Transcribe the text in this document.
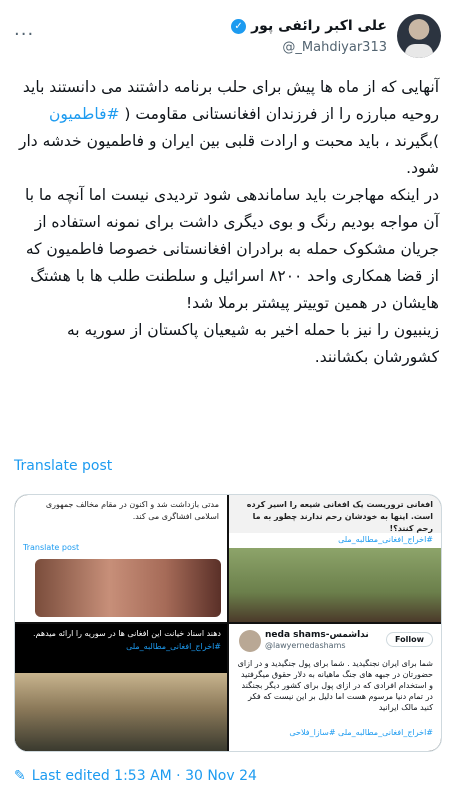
علی اکبر رائفی پور
✓
@_Mahdiyar313
···

آنهایی که از ماه ها پیش برای حلب برنامه داشتند می دانستند باید روحیه مبارزه را از فرزندان افغانستانی مقاومت ( #فاطمیون )بگیرند ، باید محبت و ارادت قلبی بین ایران و فاطمیون خدشه دار شود.

در اینکه مهاجرت باید ساماندهی شود تردیدی نیست اما آنچه ما با آن مواجه بودیم رنگ و بوی دیگری داشت برای نمونه استفاده از جریان مشکوک حمله به برادران افغانستانی خصوصا فاطمیون که از قضا همکاری واحد ۸۲۰۰ اسرائیل و سلطنت طلب ها با هشتگ هایشان در همین توییتر پیشتر برملا شد!

زینبیون را نیز با حمله اخیر به شیعیان پاکستان از سوریه به کشورشان بکشانند.

Translate post
مدتی بازداشت شد و اکنون در مقام مخالف جمهوری اسلامی افشاگری می کند.
Translate post
افغانی تروریست یک افغانی شیعه را اسیر کرده است. اینها به خودشان رحم ندارند چطور به ما رحم کنند؟!
#اخراج_افغانی_مطالبه_ملی
دهند اسناد خیانت این افغانی ها در سوریه را ارائه میدهم.
#اخراج_افغانی_مطالبه_ملی
neda shams-نداشمس
@lawyernedashams
Follow
شما برای ایران نجنگیدید . شما برای پول جنگیدید و در ازای حضورتان در جبهه های جنگ ماهیانه به دلار حقوق میگرفتید و استخدام افرادی که در ازای پول برای کشور دیگر بجنگند در تمام دنیا مرسوم هست اما دلیل بر این نیست که فکر کنید مالک ایرانید
#اخراج_افغانی_مطالبه_ملی #سازا_فلاحی
✎ Last edited 1:53 AM · 30 Nov 24
